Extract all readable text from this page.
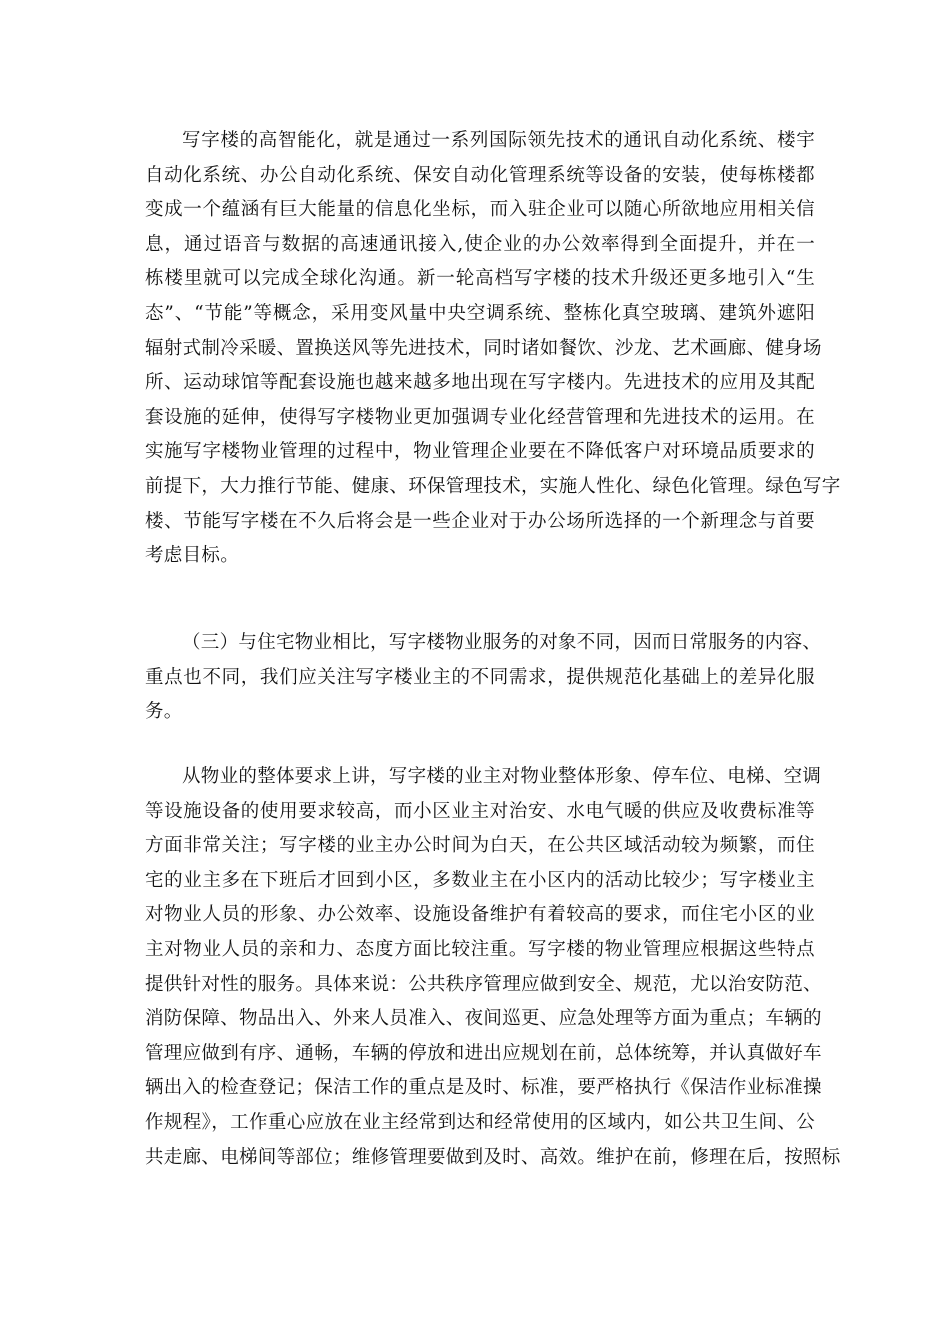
写字楼的高智能化，就是通过一系列国际领先技术的通讯自动化系统、楼宇
自动化系统、办公自动化系统、保安自动化管理系统等设备的安装，使每栋楼都
变成一个蕴涵有巨大能量的信息化坐标，而入驻企业可以随心所欲地应用相关信
息，通过语音与数据的高速通讯接入,使企业的办公效率得到全面提升，并在一
栋楼里就可以完成全球化沟通。新一轮高档写字楼的技术升级还更多地引入“生
态”、“节能”等概念，采用变风量中央空调系统、整栋化真空玻璃、建筑外遮阳
辐射式制冷采暖、置换送风等先进技术，同时诸如餐饮、沙龙、艺术画廊、健身场
所、运动球馆等配套设施也越来越多地出现在写字楼内。先进技术的应用及其配
套设施的延伸，使得写字楼物业更加强调专业化经营管理和先进技术的运用。在
实施写字楼物业管理的过程中，物业管理企业要在不降低客户对环境品质要求的
前提下，大力推行节能、健康、环保管理技术，实施人性化、绿色化管理。绿色写字
楼、节能写字楼在不久后将会是一些企业对于办公场所选择的一个新理念与首要
考虑目标。

（三）与住宅物业相比，写字楼物业服务的对象不同，因而日常服务的内容、
重点也不同，我们应关注写字楼业主的不同需求，提供规范化基础上的差异化服
务。

从物业的整体要求上讲，写字楼的业主对物业整体形象、停车位、电梯、空调
等设施设备的使用要求较高，而小区业主对治安、水电气暖的供应及收费标准等
方面非常关注；写字楼的业主办公时间为白天，在公共区域活动较为频繁，而住
宅的业主多在下班后才回到小区，多数业主在小区内的活动比较少；写字楼业主
对物业人员的形象、办公效率、设施设备维护有着较高的要求，而住宅小区的业
主对物业人员的亲和力、态度方面比较注重。写字楼的物业管理应根据这些特点
提供针对性的服务。具体来说：公共秩序管理应做到安全、规范，尤以治安防范、
消防保障、物品出入、外来人员准入、夜间巡更、应急处理等方面为重点；车辆的
管理应做到有序、通畅，车辆的停放和进出应规划在前，总体统筹，并认真做好车
辆出入的检查登记；保洁工作的重点是及时、标准，要严格执行《保洁作业标准操
作规程》，工作重心应放在业主经常到达和经常使用的区域内，如公共卫生间、公
共走廊、电梯间等部位；维修管理要做到及时、高效。维护在前，修理在后，按照标
